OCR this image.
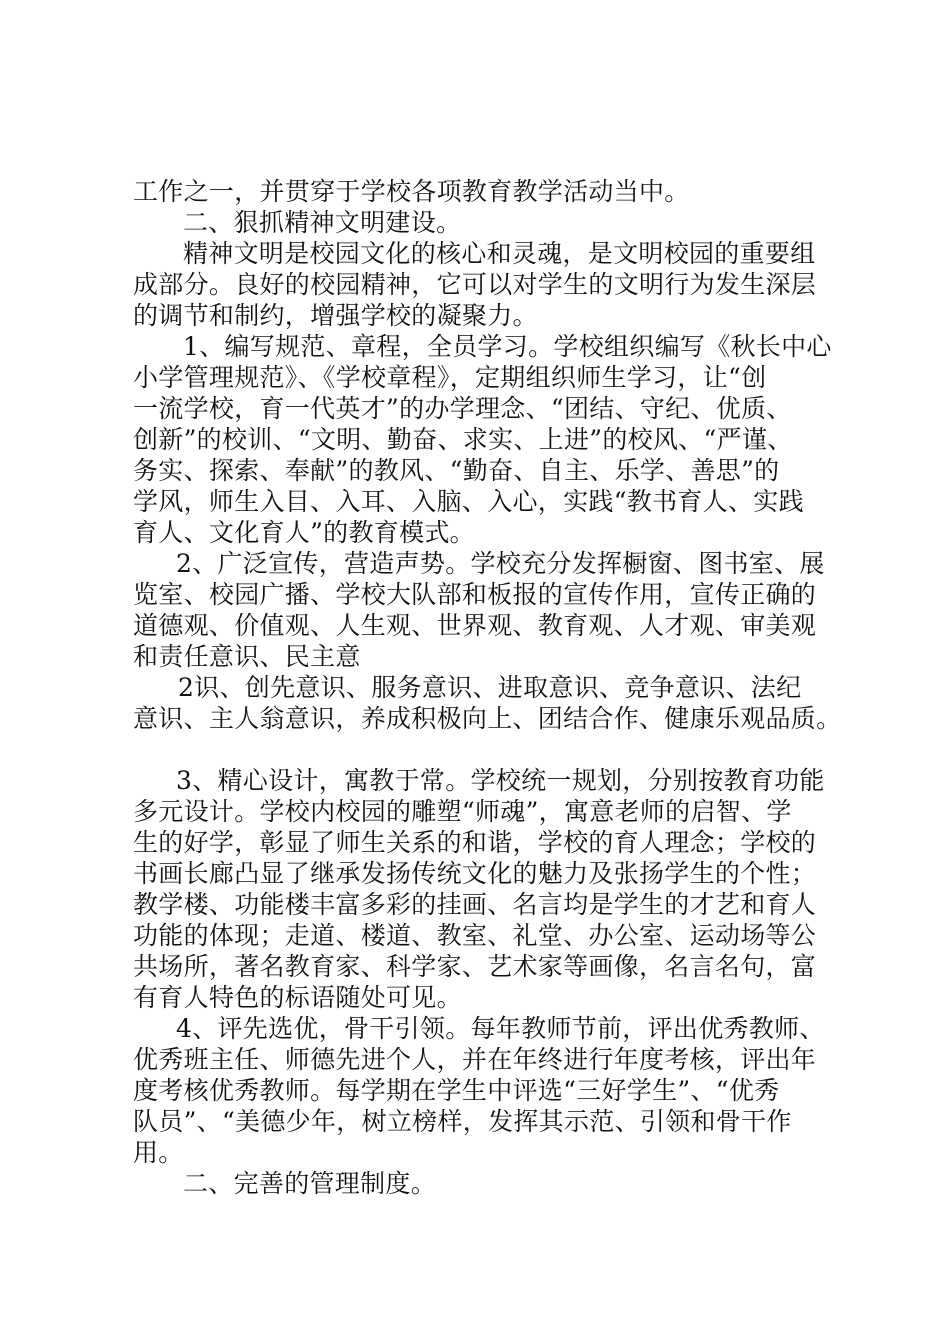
工作之一，并贯穿于学校各项教育教学活动当中。
二、狠抓精神文明建设。
精神文明是校园文化的核心和灵魂，是文明校园的重要组
成部分。良好的校园精神，它可以对学生的文明行为发生深层
的调节和制约，增强学校的凝聚力。
1、编写规范、章程，全员学习。学校组织编写《秋长中心
小学管理规范》、《学校章程》，定期组织师生学习，让“创
一流学校，育一代英才”的办学理念、“团结、守纪、优质、
创新”的校训、“文明、勤奋、求实、上进”的校风、“严谨、
务实、探索、奉献”的教风、“勤奋、自主、乐学、善思”的
学风，师生入目、入耳、入脑、入心，实践“教书育人、实践
育人、文化育人”的教育模式。
2、广泛宣传，营造声势。学校充分发挥橱窗、图书室、展
览室、校园广播、学校大队部和板报的宣传作用，宣传正确的
道德观、价值观、人生观、世界观、教育观、人才观、审美观
和责任意识、民主意
2识、创先意识、服务意识、进取意识、竞争意识、法纪
意识、主人翁意识，养成积极向上、团结合作、健康乐观品质。
3、精心设计，寓教于常。学校统一规划，分别按教育功能
多元设计。学校内校园的雕塑“师魂”，寓意老师的启智、学
生的好学，彰显了师生关系的和谐，学校的育人理念；学校的
书画长廊凸显了继承发扬传统文化的魅力及张扬学生的个性；
教学楼、功能楼丰富多彩的挂画、名言均是学生的才艺和育人
功能的体现；走道、楼道、教室、礼堂、办公室、运动场等公
共场所，著名教育家、科学家、艺术家等画像，名言名句，富
有育人特色的标语随处可见。
4、评先选优，骨干引领。每年教师节前，评出优秀教师、
优秀班主任、师德先进个人，并在年终进行年度考核，评出年
度考核优秀教师。每学期在学生中评选“三好学生”、“优秀
队员”、“美德少年，树立榜样，发挥其示范、引领和骨干作
用。
二、完善的管理制度。
